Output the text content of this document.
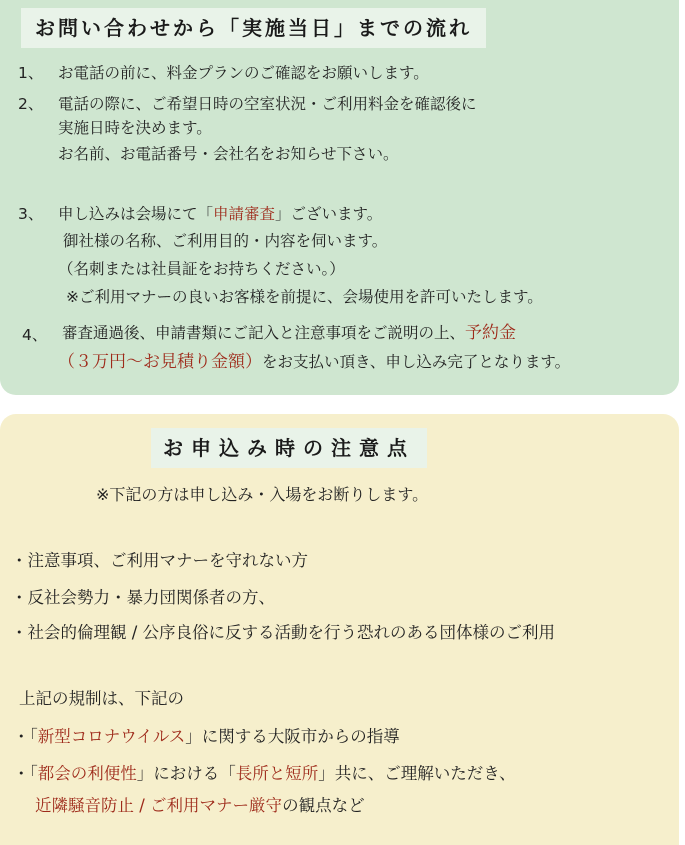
お問い合わせから「実施当日」までの流れ
1、 お電話の前に、料金プランのご確認をお願いします。
2、 電話の際に、ご希望日時の空室状況・ご利用料金を確認後に
実施日時を決めます。
お名前、お電話番号・会社名をお知らせ下さい。
3、 申し込みは会場にて「申請審査」ございます。
御社様の名称、ご利用目的・内容を伺います。
（名刺または社員証をお持ちください。）
※ご利用マナーの良いお客様を前提に、会場使用を許可いたします。
4、 審査通過後、申請書類にご記入と注意事項をご説明の上、予約金
（３万円〜お見積り金額）をお支払い頂き、申し込み完了となります。
お申込み時の注意点
※下記の方は申し込み・入場をお断りします。
・注意事項、ご利用マナーを守れない方
・反社会勢力・暴力団関係者の方、
・社会的倫理観 / 公序良俗に反する活動を行う恐れのある団体様のご利用
上記の規制は、下記の
・「新型コロナウイルス」に関する大阪市からの指導
・「都会の利便性」における「長所と短所」共に、ご理解いただき、
近隣騒音防止 / ご利用マナー厳守の観点など
